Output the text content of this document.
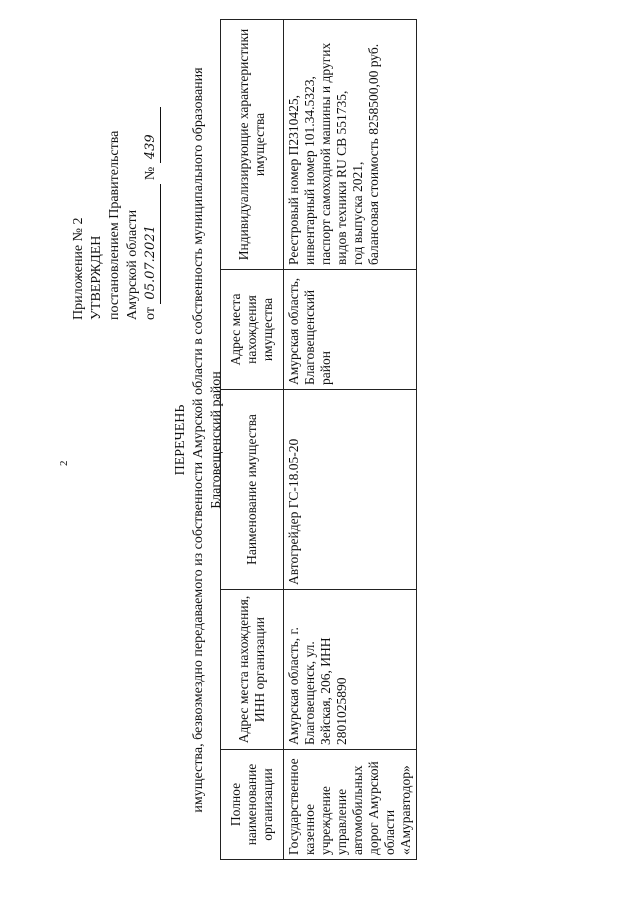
2
Приложение № 2 УТВЕРЖДЕН постановлением Правительства Амурской области от 05.07.2021 № 439
ПЕРЕЧЕНЬ имущества, безвозмездно передаваемого из собственности Амурской области в собственность муниципального образования Благовещенский район
Полное наименование организации	Адрес места нахождения, ИНН организации	Наименование имущества	Адрес места нахождения имущества	Индивидуализирующие характеристики имущества
Государственное казенное учреждение управление автомобильных дорог Амурской области «Амуравтодор»	Амурская область, г. Благовещенск, ул. Зейская, 206, ИНН 2801025890	Автогрейдер ГС-18.05-20	Амурская область, Благовещенский район	Реестровый номер П2310425, инвентарный номер 101.34.5323, паспорт самоходной машины и других видов техники RU CB 551735, год выпуска 2021, балансовая стоимость 8258500,00 руб.
